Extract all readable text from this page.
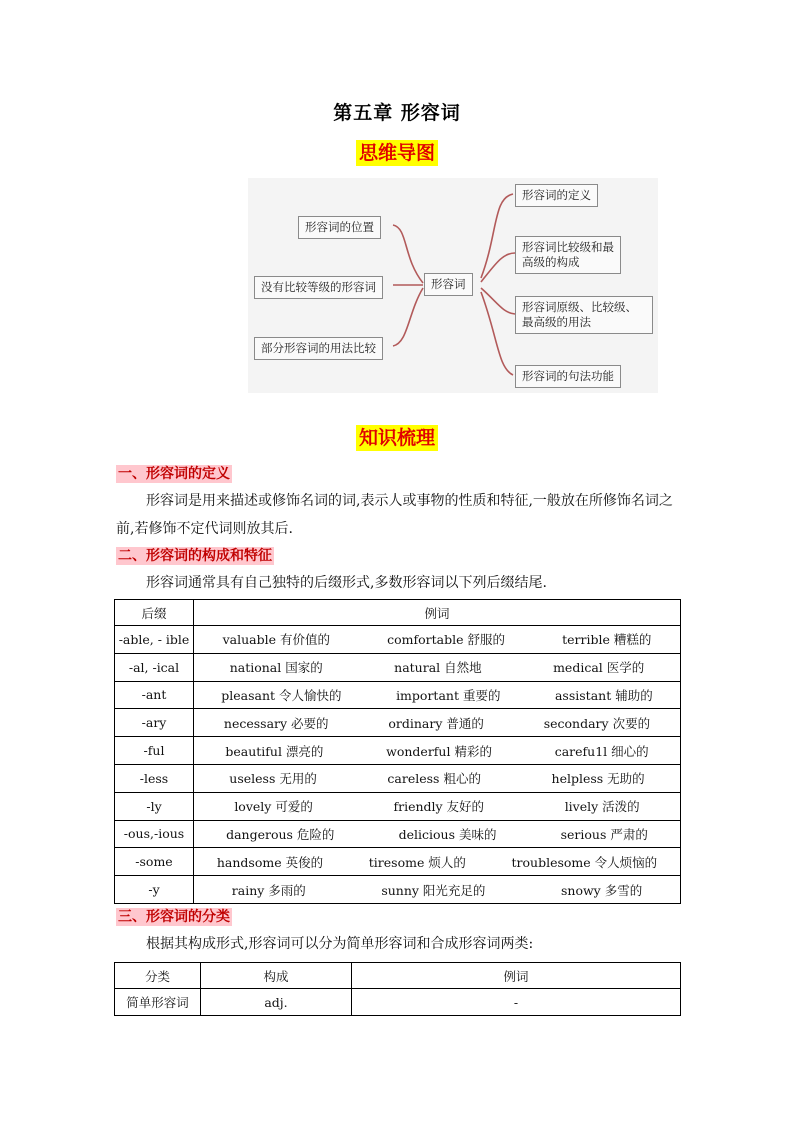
第五章 形容词
思维导图
形容词
形容词的位置
没有比较等级的形容词
部分形容词的用法比较
形容词的定义
形容词比较级和最高级的构成
形容词原级、比较级、最高级的用法
形容词的句法功能
知识梳理
一、形容词的定义
形容词是用来描述或修饰名词的词,表示人或事物的性质和特征,一般放在所修饰名词之前,若修饰不定代词则放其后.
二、形容词的构成和特征
形容词通常具有自己独特的后缀形式,多数形容词以下列后缀结尾.
后缀	例词
-able, - ible	valuable 有价值的 comfortable 舒服的 terrible 糟糕的

-al, -ical	national 国家的 natural 自然地 medical 医学的

-ant	pleasant 令人愉快的 important 重要的 assistant 辅助的

-ary	necessary 必要的 ordinary 普通的 secondary 次要的

-ful	beautiful 漂亮的 wonderful 精彩的 carefu1l 细心的

-less	useless 无用的 careless 粗心的 helpless 无助的

-ly	lovely 可爱的 friendly 友好的 lively 活泼的

-ous,-ious	dangerous 危险的 delicious 美味的 serious 严肃的

-some	handsome 英俊的 tiresome 烦人的 troublesome 令人烦恼的

-y	rainy 多雨的 sunny 阳光充足的 snowy 多雪的
三、形容词的分类
根据其构成形式,形容词可以分为简单形容词和合成形容词两类:
分类	构成	例词
简单形容词	adj.	-
